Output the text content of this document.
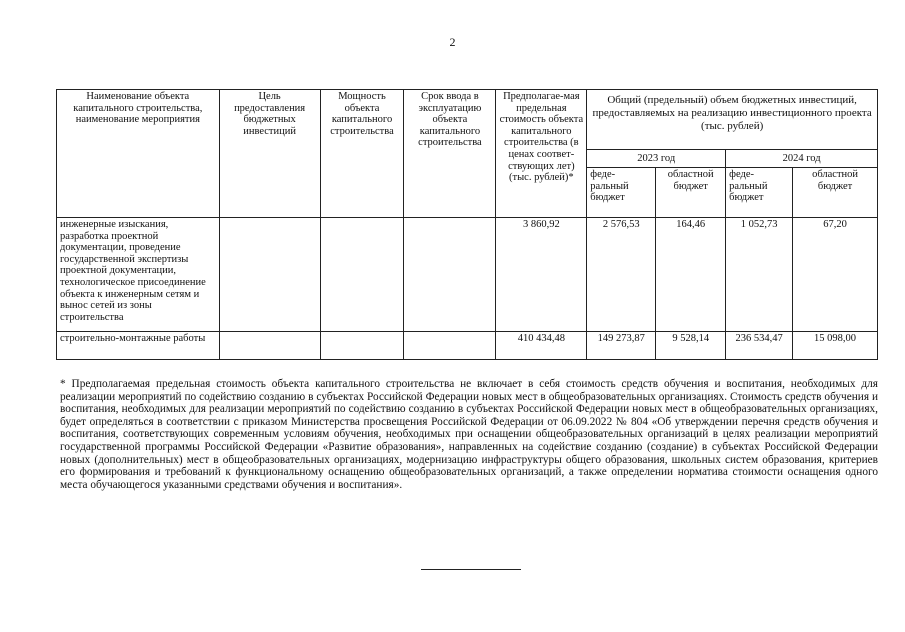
2
Наименование объекта капитального строительства, наименование мероприятия	Цель предоставления бюджетных инвестиций	Мощность объекта капитального строительства	Срок ввода в эксплуатацию объекта капитального строительства	Предполагае-мая предельная стоимость объекта капитального строительства (в ценах соответ-ствующих лет) (тыс. рублей)*	Общий (предельный) объем бюджетных инвестиций, предоставляемых на реализацию инвестиционного проекта (тыс. рублей)			
					2023 год		2024 год	
					феде-ральный бюджет	областной бюджет	феде-ральный бюджет	областной бюджет
инженерные изыскания, разработка проектной документации, проведение государственной экспертизы проектной документации, технологическое присоединение объекта к инженерным сетям и вынос сетей из зоны строительства				3 860,92	2 576,53	164,46	1 052,73	67,20
строительно-монтажные работы				410 434,48	149 273,87	9 528,14	236 534,47	15 098,00
* Предполагаемая предельная стоимость объекта капитального строительства не включает в себя стоимость средств обучения и воспитания, необходимых для реализации мероприятий по содействию созданию в субъектах Российской Федерации новых мест в общеобразовательных организациях. Стоимость средств обучения и воспитания, необходимых для реализации мероприятий по содействию созданию в субъектах Российской Федерации новых мест в общеобразовательных организациях, будет определяться в соответствии с приказом Министерства просвещения Российской Федерации от 06.09.2022 № 804 «Об утверждении перечня средств обучения и воспитания, соответствующих современным условиям обучения, необходимых при оснащении общеобразовательных организаций в целях реализации мероприятий государственной программы Российской Федерации «Развитие образования», направленных на содействие созданию (создание) в субъектах Российской Федерации новых (дополнительных) мест в общеобразовательных организациях, модернизацию инфраструктуры общего образования, школьных систем образования, критериев его формирования и требований к функциональному оснащению общеобразовательных организаций, а также определении норматива стоимости оснащения одного места обучающегося указанными средствами обучения и воспитания».
